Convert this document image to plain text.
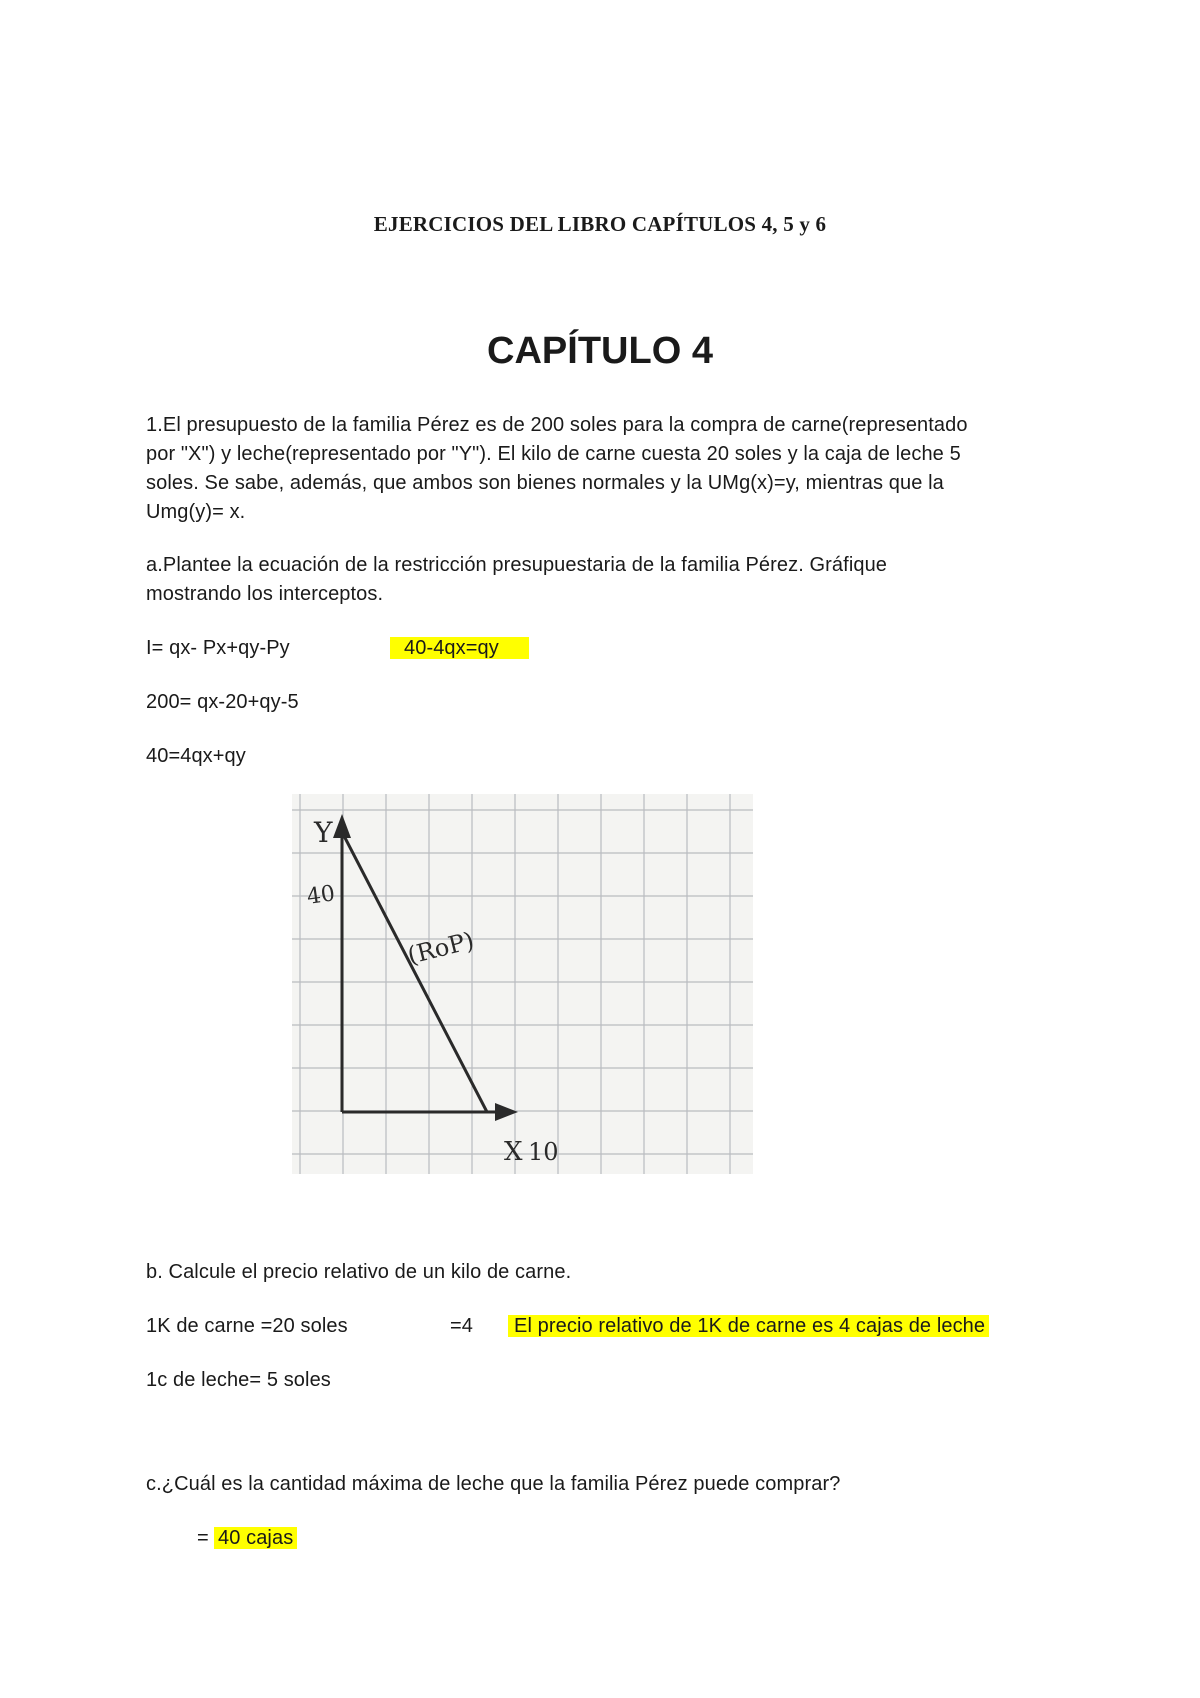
EJERCICIOS DEL LIBRO CAPÍTULOS 4, 5 y 6
CAPÍTULO 4
1.El presupuesto de la familia Pérez es de 200 soles para la compra de carne(representado
por "X") y leche(representado por "Y"). El kilo de carne cuesta 20 soles y la caja de leche 5
soles. Se sabe, además, que ambos son bienes normales y la UMg(x)=y, mientras que la
Umg(y)= x.
a.Plantee la ecuación de la restricción presupuestaria de la familia Pérez. Gráfique
mostrando los interceptos.
I= qx- Px+qy-Py	40-4qx=qy
200= qx-20+qy-5
40=4qx+qy
Y
40
(RoP)
X 10
b. Calcule el precio relativo de un kilo de carne.
1K de carne =20 soles	=4	El precio relativo de 1K de carne es 4 cajas de leche
1c de leche= 5 soles
c.¿Cuál es la cantidad máxima de leche que la familia Pérez puede comprar?
= 40 cajas
